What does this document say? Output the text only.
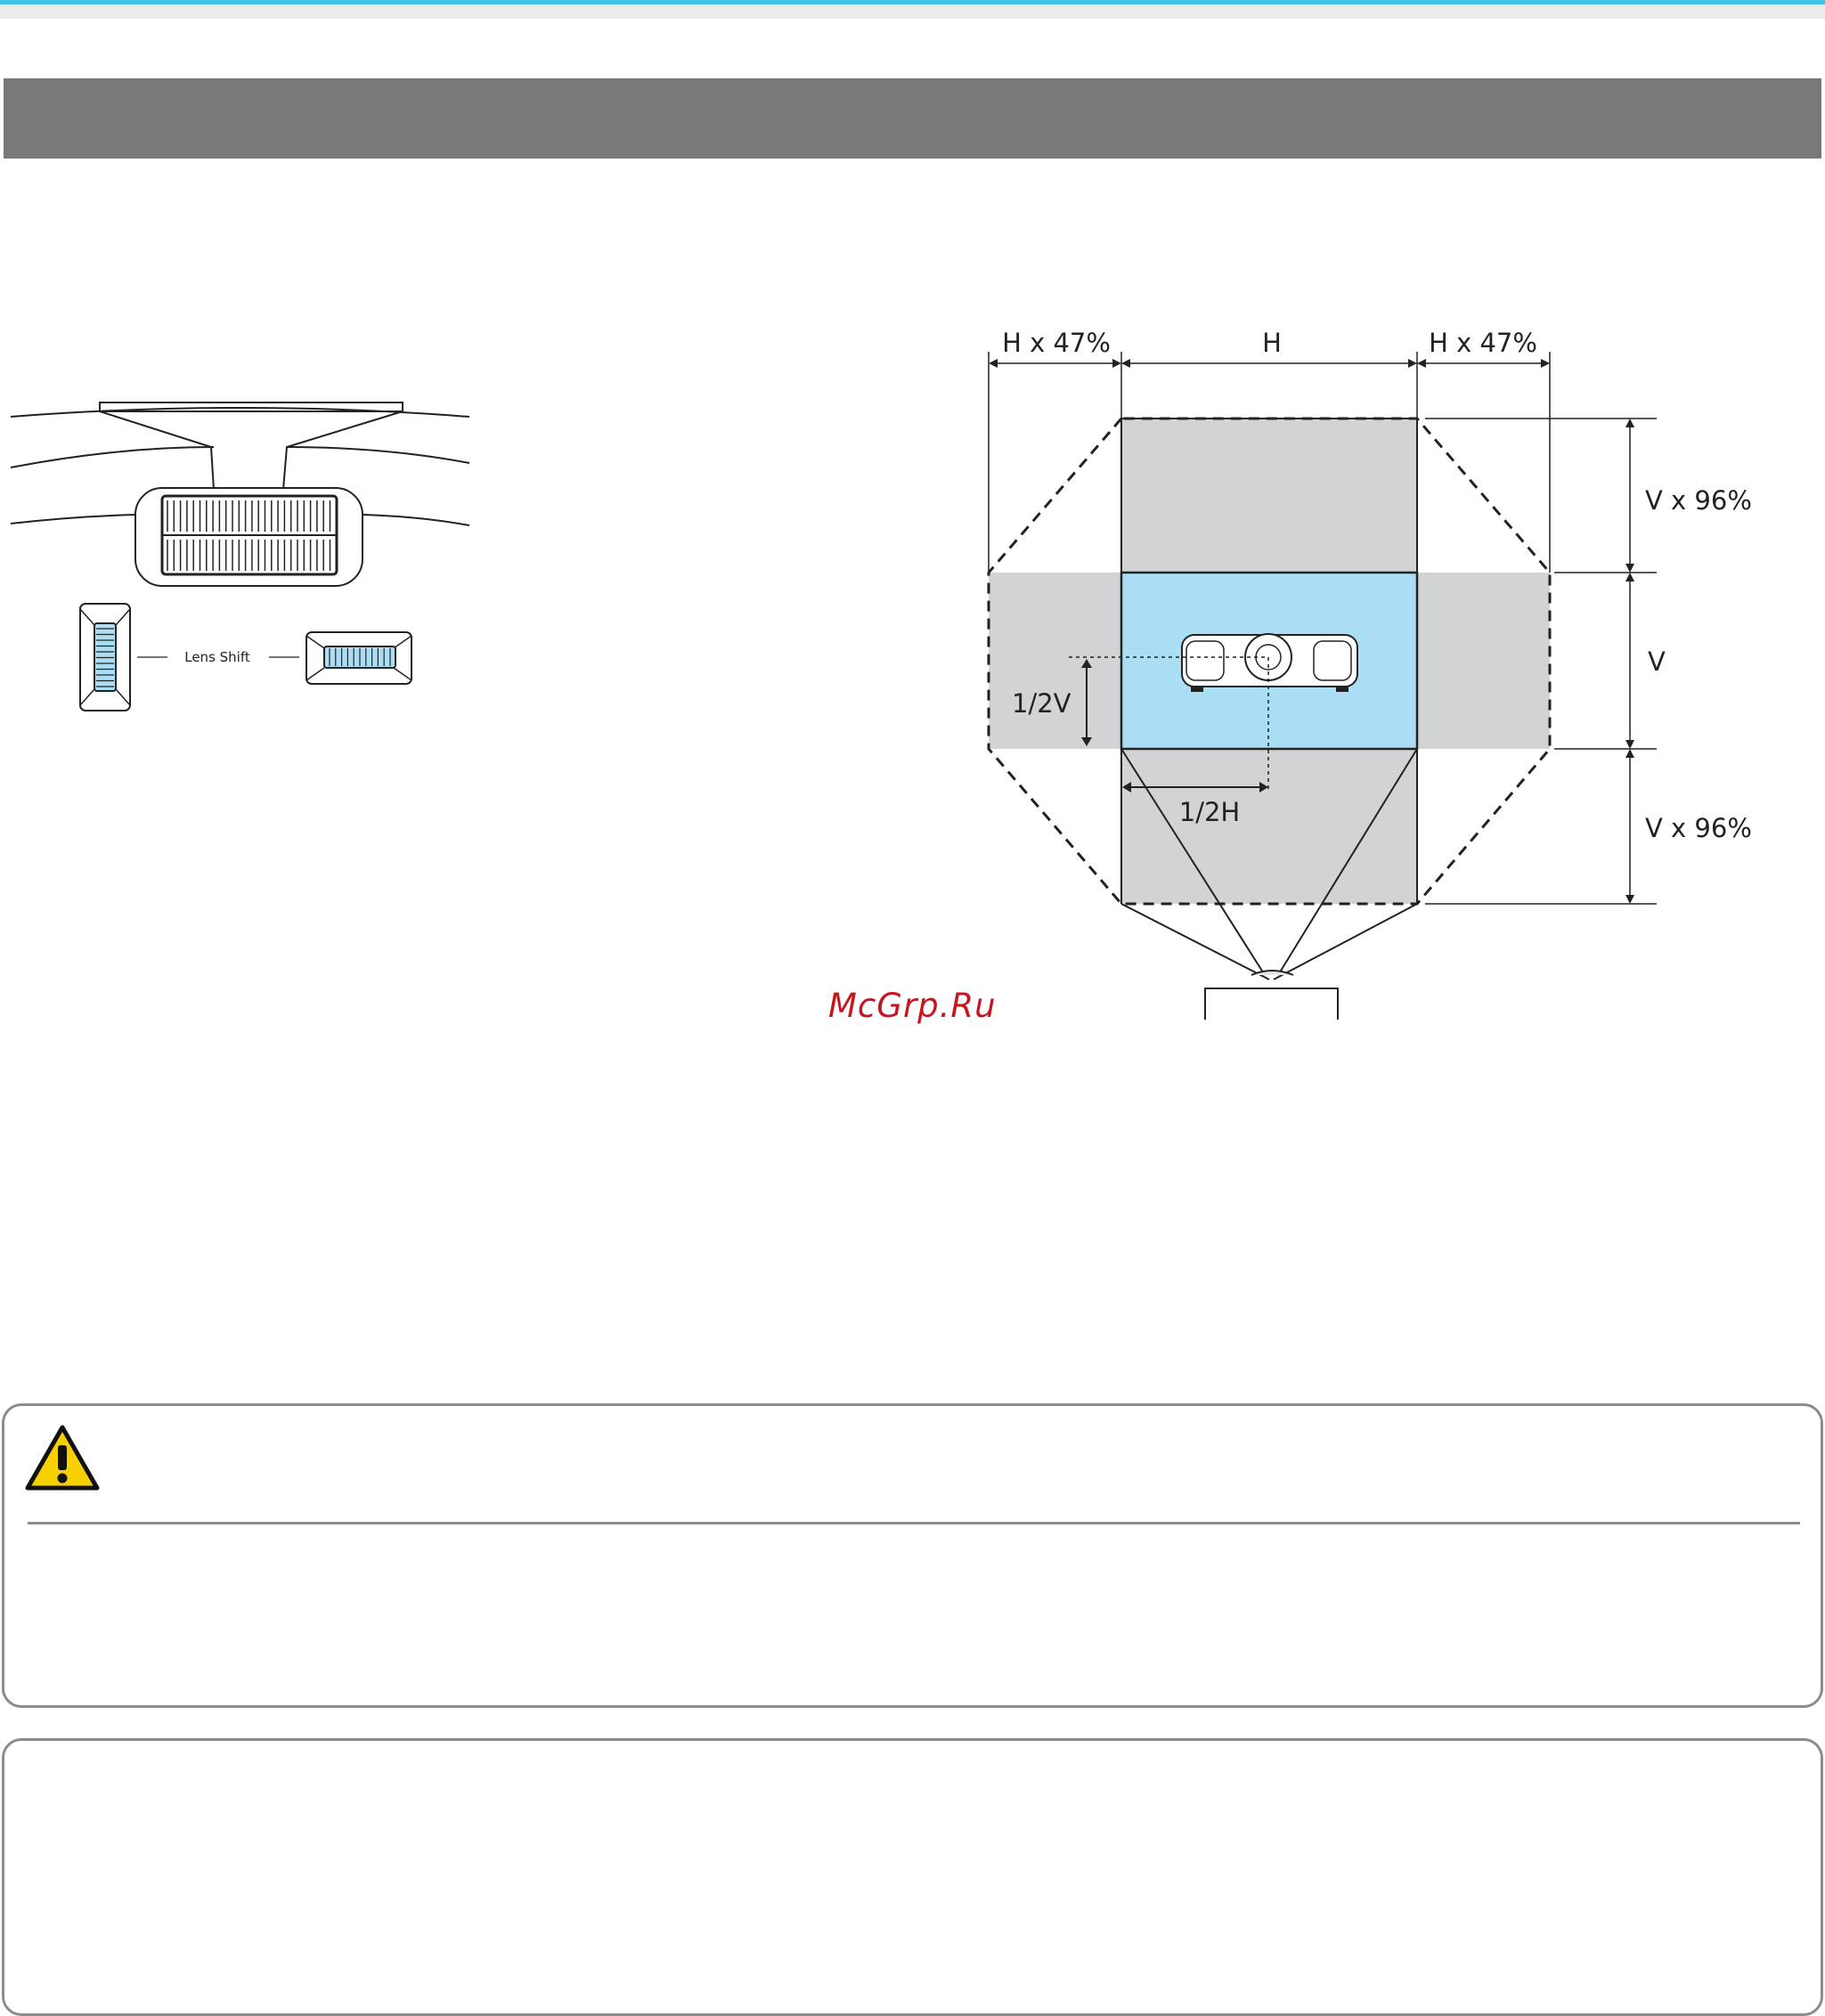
Lens Shift
H x 47%	H	H x 47%
V x 96%
V
V x 96%
1/2V
1/2H
McGrp.Ru
